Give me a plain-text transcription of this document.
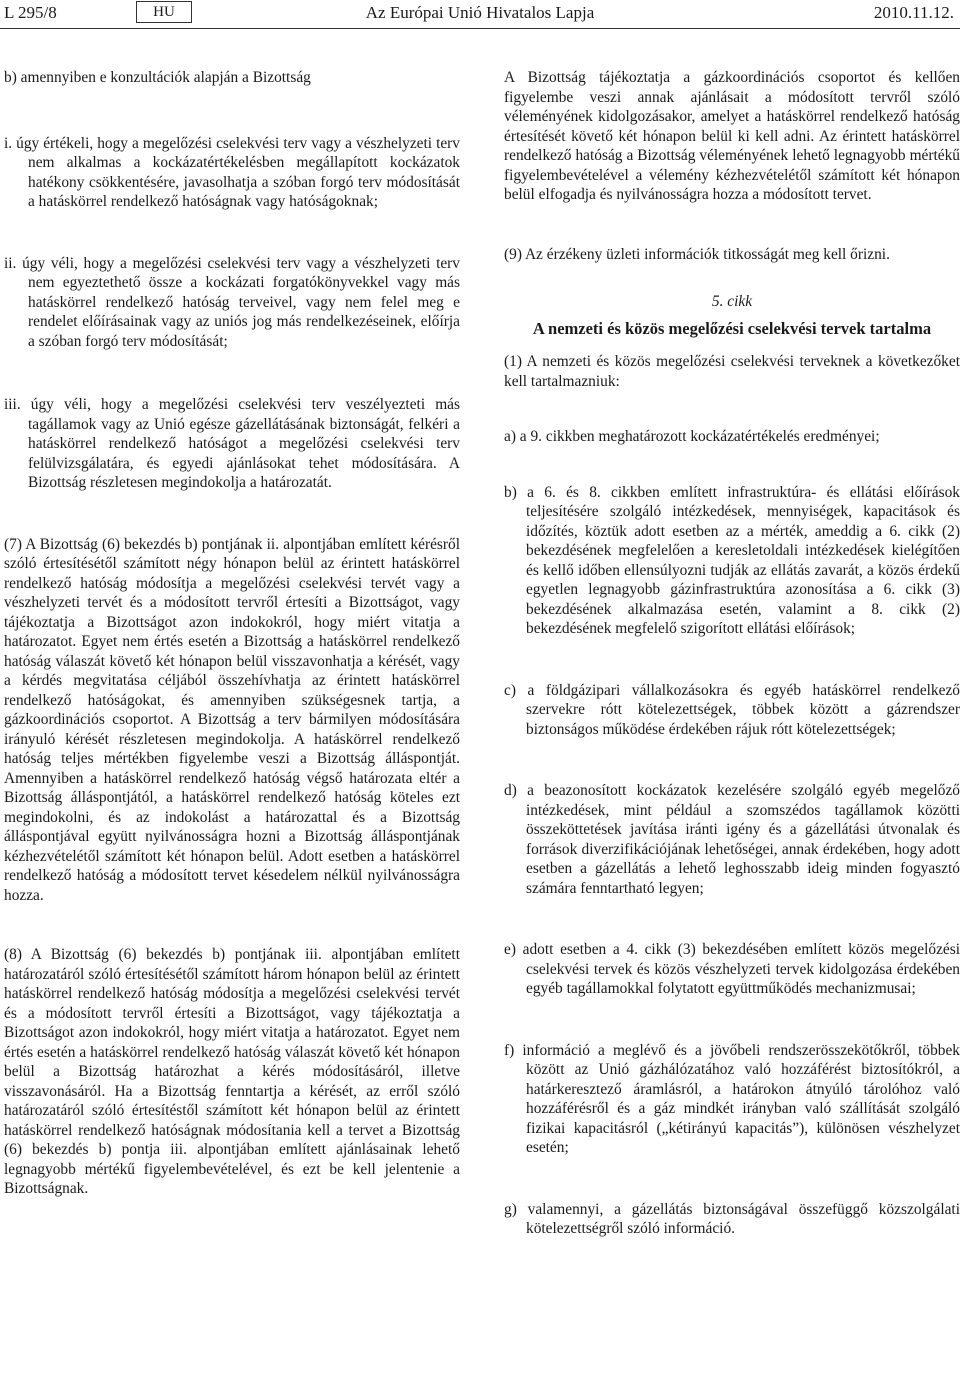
L 295/8	HU	Az Európai Unió Hivatalos Lapja	2010.11.12.

b) amennyiben e konzultációk alapján a Bizottság

i. úgy értékeli, hogy a megelőzési cselekvési terv vagy a vészhelyzeti terv nem alkalmas a kockázatértékelésben megállapított kockázatok hatékony csökkentésére, javasolhatja a szóban forgó terv módosítását a hatáskörrel rendelkező hatóságnak vagy hatóságoknak;

ii. úgy véli, hogy a megelőzési cselekvési terv vagy a vészhelyzeti terv nem egyeztethető össze a kockázati forgatókönyvekkel vagy más hatáskörrel rendelkező hatóság terveivel, vagy nem felel meg e rendelet előírásainak vagy az uniós jog más rendelkezéseinek, előírja a szóban forgó terv módosítását;

iii. úgy véli, hogy a megelőzési cselekvési terv veszélyezteti más tagállamok vagy az Unió egésze gázellátásának biztonságát, felkéri a hatáskörrel rendelkező hatóságot a megelőzési cselekvési terv felülvizsgálatára, és egyedi ajánlásokat tehet módosítására. A Bizottság részletesen megindokolja a határozatát.

(7) A Bizottság (6) bekezdés b) pontjának ii. alpontjában említett kérésről szóló értesítésétől számított négy hónapon belül az érintett hatáskörrel rendelkező hatóság módosítja a megelőzési cselekvési tervét vagy a vészhelyzeti tervét és a módosított tervről értesíti a Bizottságot, vagy tájékoztatja a Bizottságot azon indokokról, hogy miért vitatja a határozatot. Egyet nem értés esetén a Bizottság a hatáskörrel rendelkező hatóság válaszát követő két hónapon belül visszavonhatja a kérését, vagy a kérdés megvitatása céljából összehívhatja az érintett hatáskörrel rendelkező hatóságokat, és amennyiben szükségesnek tartja, a gázkoordinációs csoportot. A Bizottság a terv bármilyen módosítására irányuló kérését részletesen megindokolja. A hatáskörrel rendelkező hatóság teljes mértékben figyelembe veszi a Bizottság álláspontját. Amennyiben a hatáskörrel rendelkező hatóság végső határozata eltér a Bizottság álláspontjától, a hatáskörrel rendelkező hatóság köteles ezt megindokolni, és az indokolást a határozattal és a Bizottság álláspontjával együtt nyilvánosságra hozni a Bizottság álláspontjának kézhezvételétől számított két hónapon belül. Adott esetben a hatáskörrel rendelkező hatóság a módosított tervet késedelem nélkül nyilvánosságra hozza.

(8) A Bizottság (6) bekezdés b) pontjának iii. alpontjában említett határozatáról szóló értesítésétől számított három hónapon belül az érintett hatáskörrel rendelkező hatóság módosítja a megelőzési cselekvési tervét és a módosított tervről értesíti a Bizottságot, vagy tájékoztatja a Bizottságot azon indokokról, hogy miért vitatja a határozatot. Egyet nem értés esetén a hatáskörrel rendelkező hatóság válaszát követő két hónapon belül a Bizottság határozhat a kérés módosításáról, illetve visszavonásáról. Ha a Bizottság fenntartja a kérését, az erről szóló határozatáról szóló értesítéstől számított két hónapon belül az érintett hatáskörrel rendelkező hatóságnak módosítania kell a tervet a Bizottság (6) bekezdés b) pontja iii. alpontjában említett ajánlásainak lehető legnagyobb mértékű figyelembevételével, és ezt be kell jelentenie a Bizottságnak.

A Bizottság tájékoztatja a gázkoordinációs csoportot és kellően figyelembe veszi annak ajánlásait a módosított tervről szóló véleményének kidolgozásakor, amelyet a hatáskörrel rendelkező hatóság értesítését követő két hónapon belül ki kell adni. Az érintett hatáskörrel rendelkező hatóság a Bizottság véleményének lehető legnagyobb mértékű figyelembevételével a vélemény kézhezvételétől számított két hónapon belül elfogadja és nyilvánosságra hozza a módosított tervet.

(9) Az érzékeny üzleti információk titkosságát meg kell őrizni.

5. cikk

A nemzeti és közös megelőzési cselekvési tervek tartalma

(1) A nemzeti és közös megelőzési cselekvési terveknek a következőket kell tartalmazniuk:

a) a 9. cikkben meghatározott kockázatértékelés eredményei;

b) a 6. és 8. cikkben említett infrastruktúra- és ellátási előírások teljesítésére szolgáló intézkedések, mennyiségek, kapacitások és időzítés, köztük adott esetben az a mérték, ameddig a 6. cikk (2) bekezdésének megfelelően a keresletoldali intézkedések kielégítően és kellő időben ellensúlyozni tudják az ellátás zavarát, a közös érdekű egyetlen legnagyobb gázinfrastruktúra azonosítása a 6. cikk (3) bekezdésének alkalmazása esetén, valamint a 8. cikk (2) bekezdésének megfelelő szigorított ellátási előírások;

c) a földgázipari vállalkozásokra és egyéb hatáskörrel rendelkező szervekre rótt kötelezettségek, többek között a gázrendszer biztonságos működése érdekében rájuk rótt kötelezettségek;

d) a beazonosított kockázatok kezelésére szolgáló egyéb megelőző intézkedések, mint például a szomszédos tagállamok közötti összeköttetések javítása iránti igény és a gázellátási útvonalak és források diverzifikációjának lehetőségei, annak érdekében, hogy adott esetben a gázellátás a lehető leghosszabb ideig minden fogyasztó számára fenntartható legyen;

e) adott esetben a 4. cikk (3) bekezdésében említett közös megelőzési cselekvési tervek és közös vészhelyzeti tervek kidolgozása érdekében egyéb tagállamokkal folytatott együttműködés mechanizmusai;

f) információ a meglévő és a jövőbeli rendszerösszekötőkről, többek között az Unió gázhálózatához való hozzáférést biztosítókról, a határkeresztező áramlásról, a határokon átnyúló tárolóhoz való hozzáférésről és a gáz mindkét irányban való szállítását szolgáló fizikai kapacitásról („kétirányú kapacitás”), különösen vészhelyzet esetén;

g) valamennyi, a gázellátás biztonságával összefüggő közszolgálati kötelezettségről szóló információ.
